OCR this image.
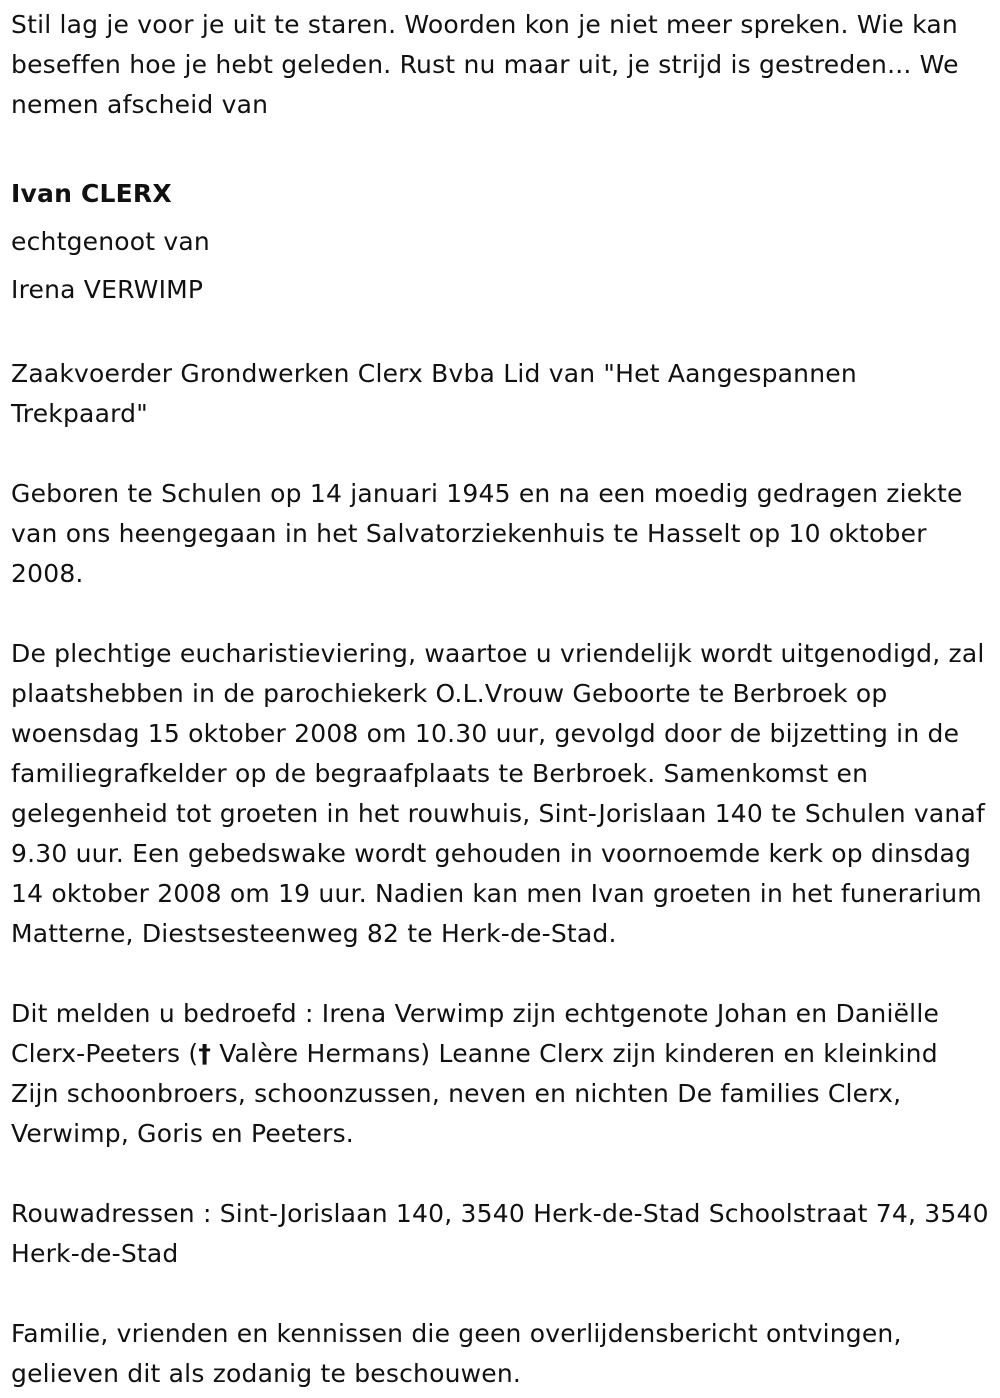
Stil lag je voor je uit te staren. Woorden kon je niet meer spreken. Wie kan beseffen hoe je hebt geleden. Rust nu maar uit, je strijd is gestreden... We nemen afscheid van

Ivan CLERX

echtgenoot van

Irena VERWIMP

Zaakvoerder Grondwerken Clerx Bvba Lid van "Het Aangespannen Trekpaard"

Geboren te Schulen op 14 januari 1945 en na een moedig gedragen ziekte van ons heengegaan in het Salvatorziekenhuis te Hasselt op 10 oktober 2008.

De plechtige eucharistieviering, waartoe u vriendelijk wordt uitgenodigd, zal plaatshebben in de parochiekerk O.L.Vrouw Geboorte te Berbroek op woensdag 15 oktober 2008 om 10.30 uur, gevolgd door de bijzetting in de familiegrafkelder op de begraafplaats te Berbroek. Samenkomst en gelegenheid tot groeten in het rouwhuis, Sint-Jorislaan 140 te Schulen vanaf 9.30 uur. Een gebedswake wordt gehouden in voornoemde kerk op dinsdag 14 oktober 2008 om 19 uur. Nadien kan men Ivan groeten in het funerarium Matterne, Diestsesteenweg 82 te Herk-de-Stad.

Dit melden u bedroefd : Irena Verwimp zijn echtgenote Johan en Daniëlle Clerx-Peeters († Valère Hermans) Leanne Clerx zijn kinderen en kleinkind Zijn schoonbroers, schoonzussen, neven en nichten De families Clerx, Verwimp, Goris en Peeters.

Rouwadressen : Sint-Jorislaan 140, 3540 Herk-de-Stad Schoolstraat 74, 3540 Herk-de-Stad

Familie, vrienden en kennissen die geen overlijdensbericht ontvingen, gelieven dit als zodanig te beschouwen.
